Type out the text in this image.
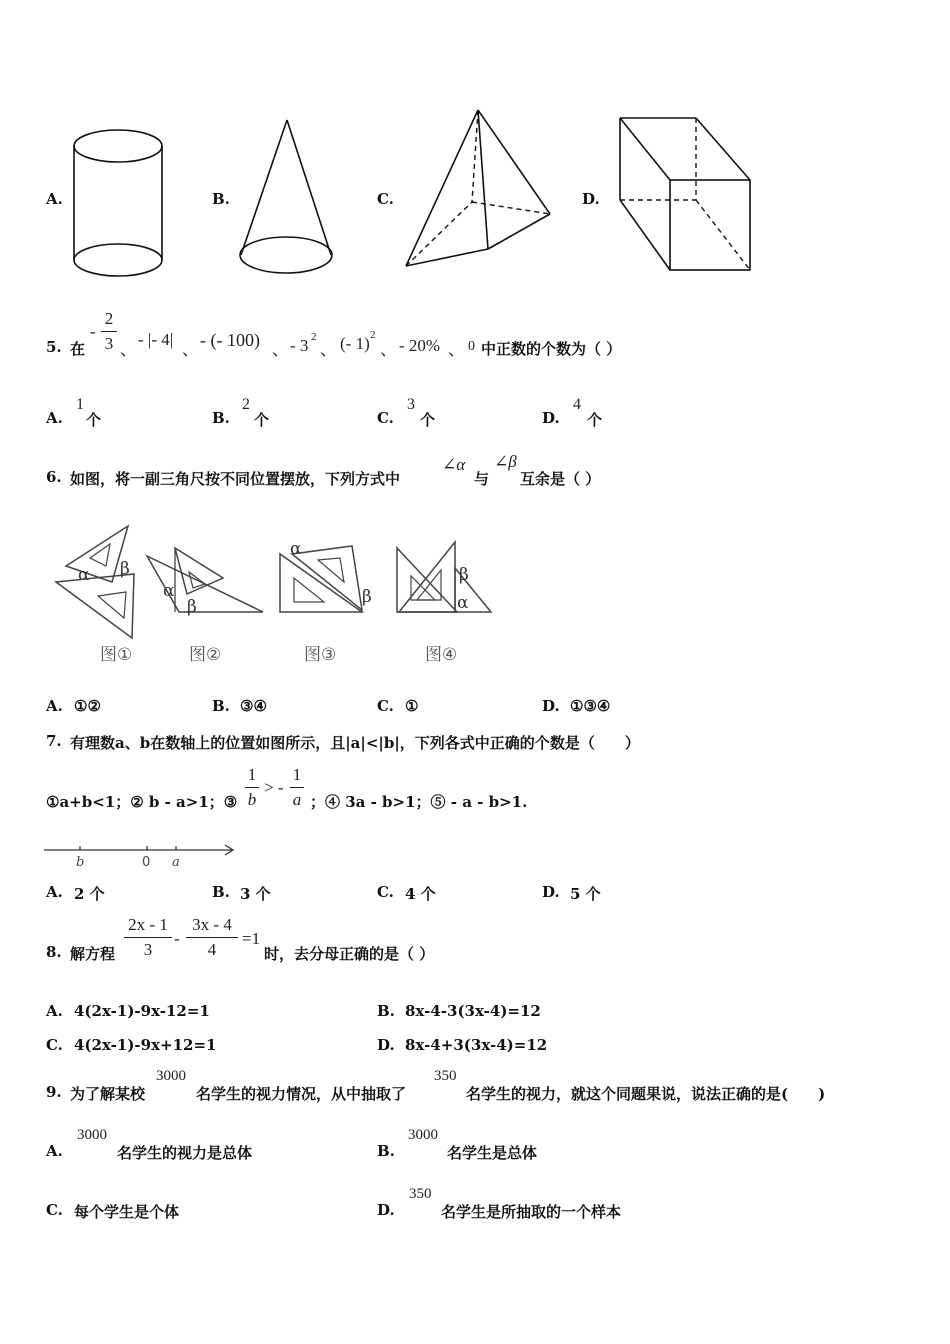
A.	B.	C.	D.
5. 在
-
2
3 、
- |- 4|
、 - (- 100) 、 - 3 2
、 (- 1) 2
、 - 20% 、 0 中正数的个数为（ ）
A.
1
个	B.
2
个	C.
3
个	D.
4
个
6. 如图，将一副三角尺按不同位置摆放，下列方式中
∠α
与
∠β
互余是（ ）
α β
图①
α
β
图②
α
β
图③
β
α
图④
A. ①②	B. ③④	C. ①	D. ①③④
7. 有理数a、b在数轴上的位置如图所示，且|a|<|b|，下列各式中正确的个数是（　　）
①a+b<1；② b - a>1；③
1
b
> -
1
a ；④ 3a - b>1；⑤ - a - b>1.
b	0 a
A. 2 个	B. 3 个	C. 4 个	D. 5 个
8. 解方程
2x - 1
3
-
3x - 4
4
=1
时，去分母正确的是（ ）
A. 4(2x-1)-9x-12=1	B. 8x-4-3(3x-4)=12
C. 4(2x-1)-9x+12=1	D. 8x-4+3(3x-4)=12
9. 为了解某校
3000
名学生的视力情况，从中抽取了
350
名学生的视力，就这个同题果说，说法正确的是(　　)
A.
3000
名学生的视力是总体	B.
3000
名学生是总体
C. 每个学生是个体	D.
350
名学生是所抽取的一个样本
